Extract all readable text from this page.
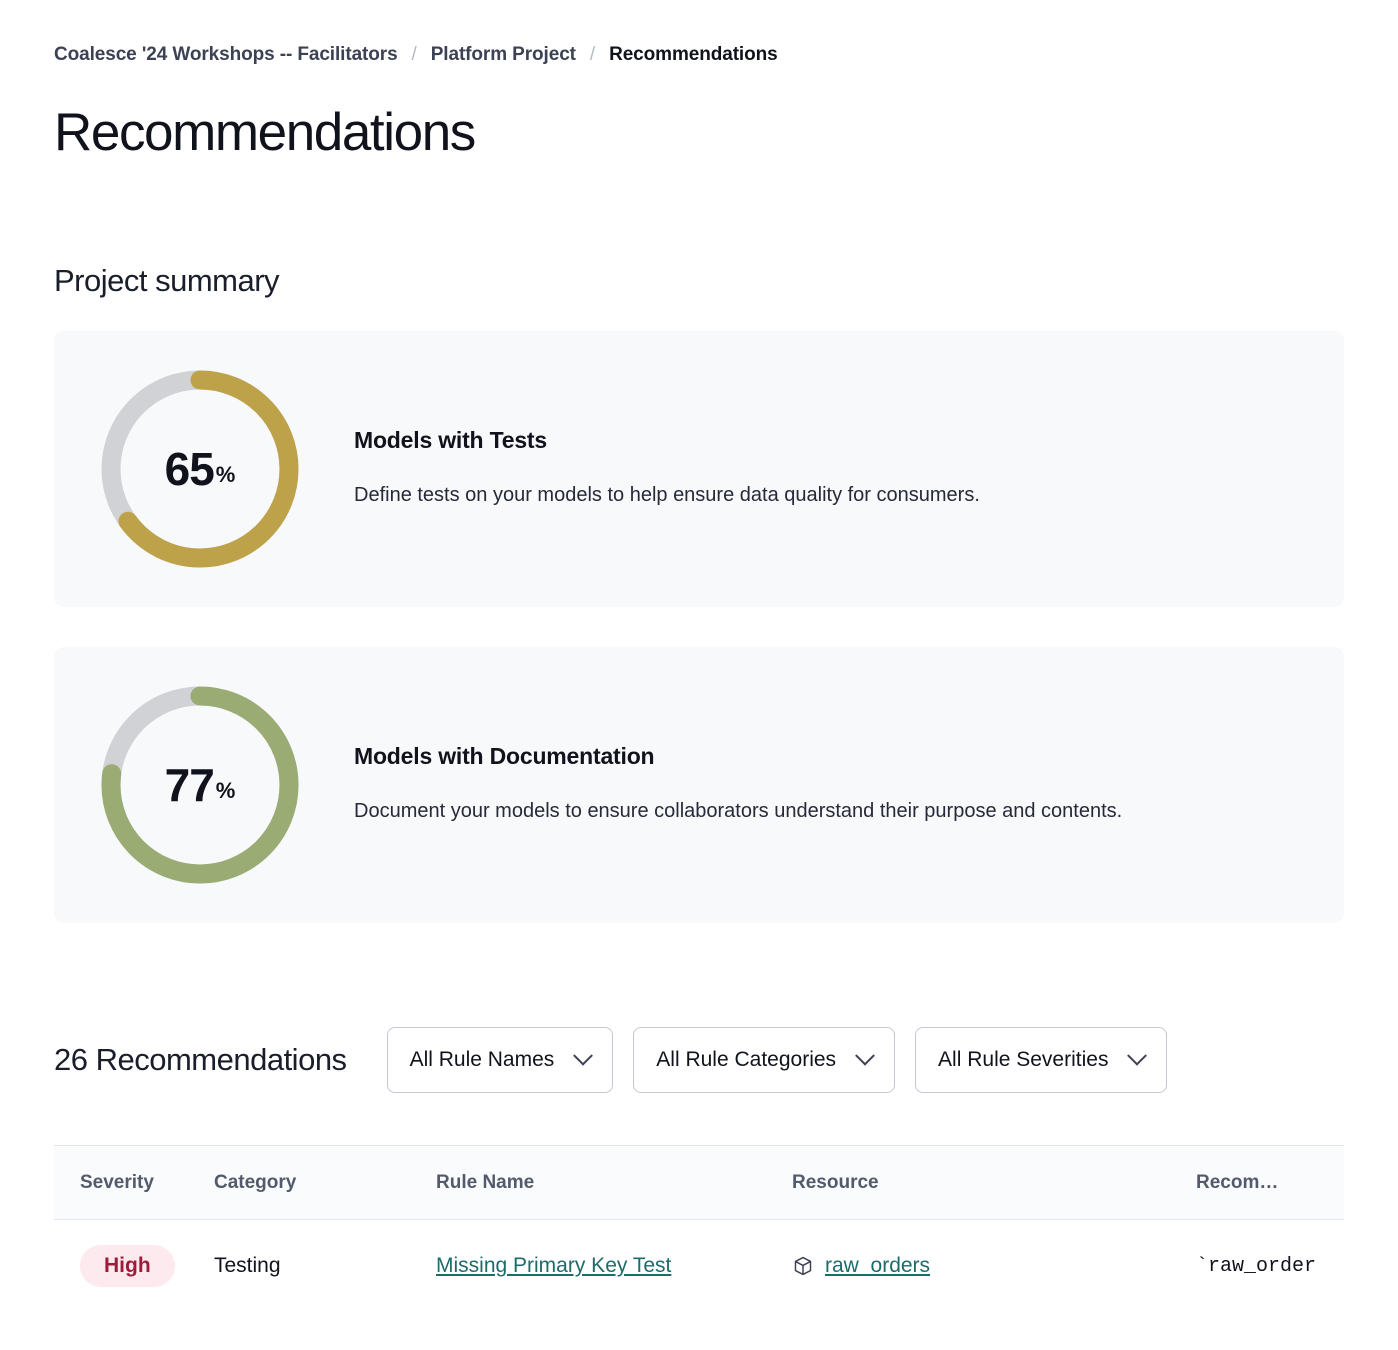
Coalesce '24 Workshops -- Facilitators / Platform Project / Recommendations
Recommendations
Project summary
65 %
Models with Tests

Define tests on your models to help ensure data quality for consumers.

77 %
Models with Documentation

Document your models to ensure collaborators understand their purpose and contents.

26 Recommendations	All Rule Names	All Rule Categories	All Rule Severities
Severity	Category	Rule Name	Resource	Recom…
High	Testing	Missing Primary Key Test	raw_orders	`raw_order
